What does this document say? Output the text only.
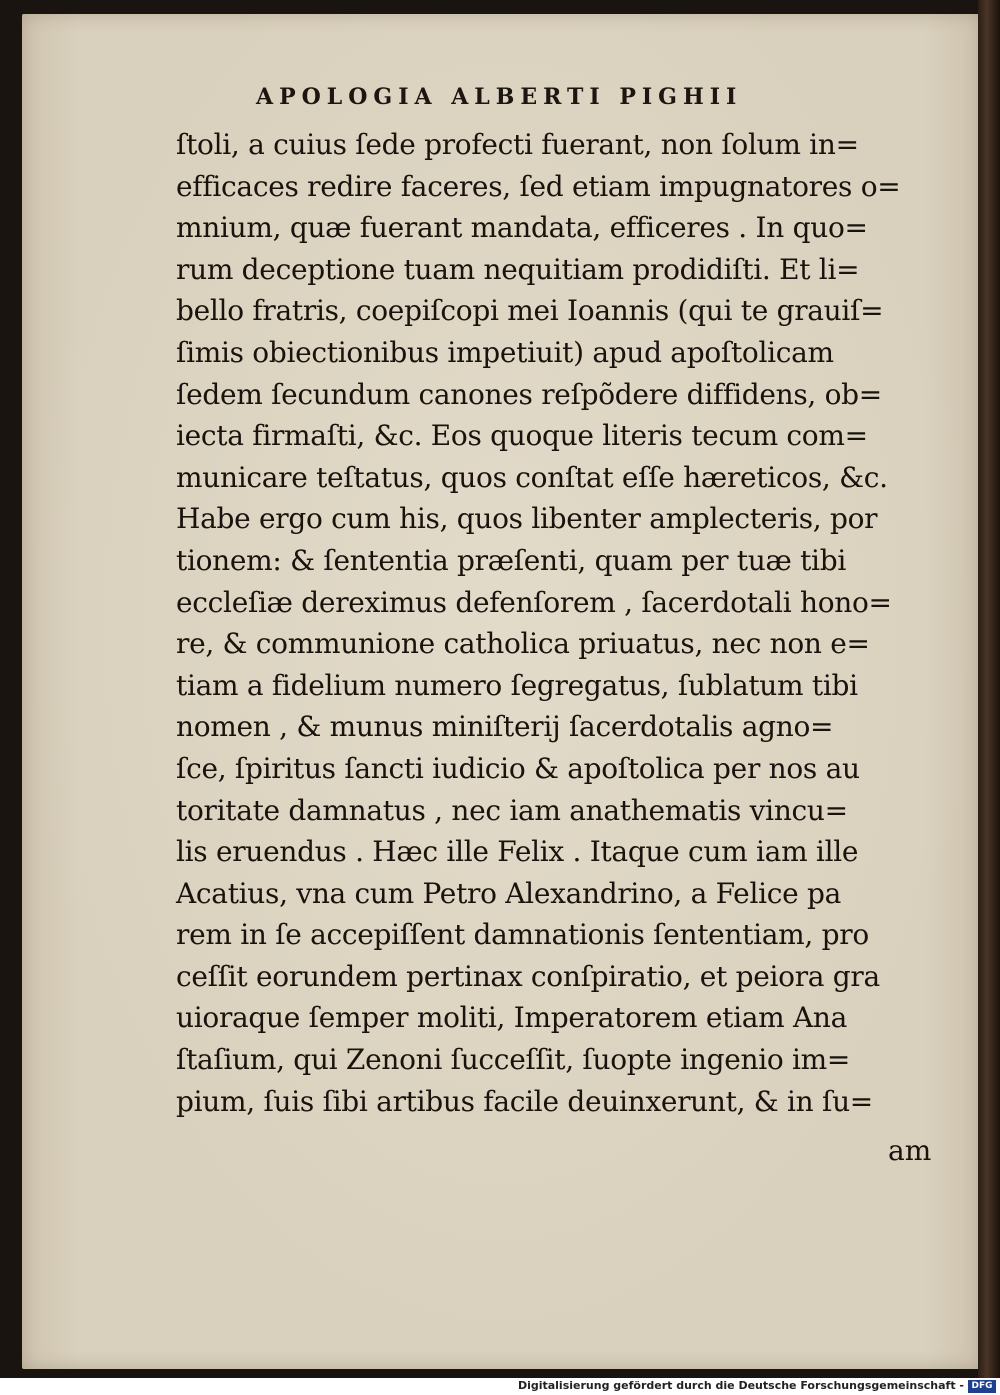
APOLOGIA ALBERTI PIGHII

ſtoli, a cuius ſede profecti fuerant, non ſolum in=
efficaces redire faceres, ſed etiam impugnatores o=
mnium, quæ fuerant mandata, efficeres . In quo=
rum deceptione tuam nequitiam prodidiſti. Et li=
bello fratris, coepiſcopi mei Ioannis (qui te grauiſ=
ſimis obiectionibus impetiuit) apud apoſtolicam
ſedem ſecundum canones reſpõdere diffidens, ob=
iecta firmaſti, &c. Eos quoque literis tecum com=
municare teſtatus, quos conſtat eſſe hæreticos, &c.
Habe ergo cum his, quos libenter amplecteris, por
tionem: & ſententia præſenti, quam per tuæ tibi
eccleſiæ dereximus defenſorem , ſacerdotali hono=
re, & communione catholica priuatus, nec non e=
tiam a fidelium numero ſegregatus, ſublatum tibi
nomen , & munus miniſterij ſacerdotalis agno=
ſce, ſpiritus ſancti iudicio & apoſtolica per nos au
toritate damnatus , nec iam anathematis vincu=
lis eruendus . Hæc ille Felix . Itaque cum iam ille
Acatius, vna cum Petro Alexandrino, a Felice pa
rem in ſe accepiſſent damnationis ſententiam, pro
ceſſit eorundem pertinax conſpiratio, et peiora gra
uioraque ſemper moliti, Imperatorem etiam Ana
ſtaſium, qui Zenoni ſucceſſit, ſuopte ingenio im=
pium, ſuis ſibi artibus facile deuinxerunt, & in ſu=

am

Digitalisierung gefördert durch die Deutsche Forschungsgemeinschaft - DFG
